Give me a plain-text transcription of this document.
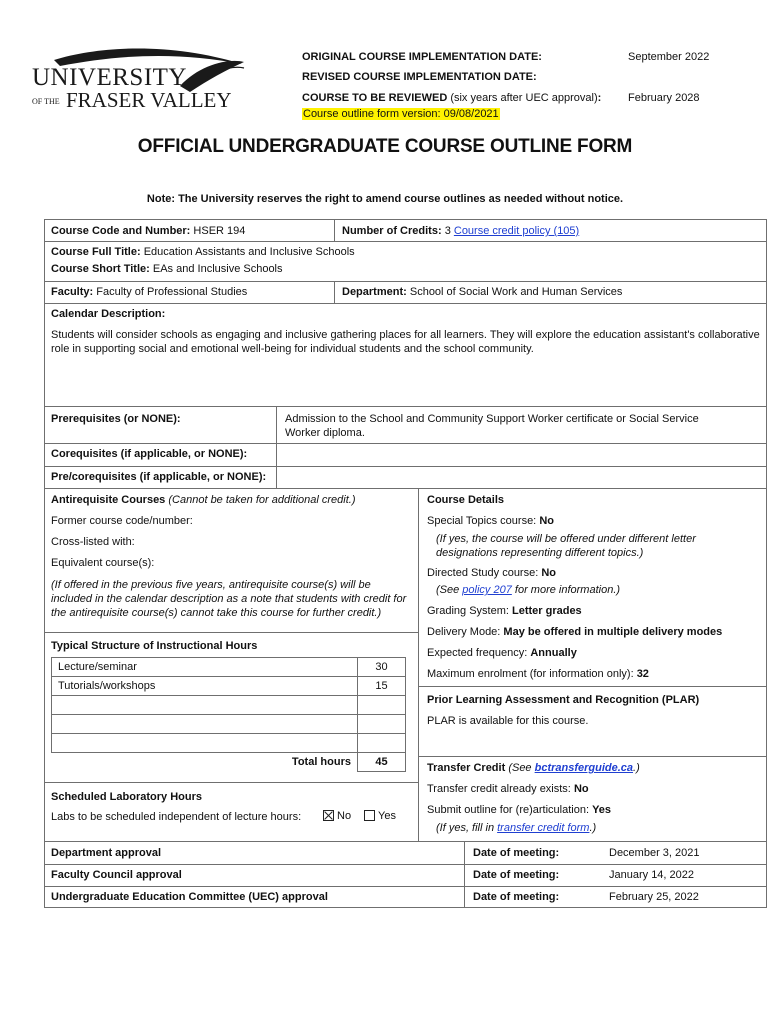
UNIVERSITY
OF THE FRASER VALLEY
ORIGINAL COURSE IMPLEMENTATION DATE:	September 2022
REVISED COURSE IMPLEMENTATION DATE:
COURSE TO BE REVIEWED (six years after UEC approval): February 2028
Course outline form version: 09/08/2021
OFFICIAL UNDERGRADUATE COURSE OUTLINE FORM
Note: The University reserves the right to amend course outlines as needed without notice.
Course Code and Number: HSER 194	Number of Credits: 3 Course credit policy (105)
Course Full Title: Education Assistants and Inclusive Schools
Course Short Title: EAs and Inclusive Schools
Faculty: Faculty of Professional Studies	Department: School of Social Work and Human Services
Calendar Description:
Students will consider schools as engaging and inclusive gathering places for all learners. They will explore the education assistant's collaborative role in supporting social and emotional well-being for individual students and the school community.
Prerequisites (or NONE):	Admission to the School and Community Support Worker certificate or Social Service Worker diploma.
Corequisites (if applicable, or NONE):
Pre/corequisites (if applicable, or NONE):
Antirequisite Courses (Cannot be taken for additional credit.)
Former course code/number:
Cross-listed with:
Equivalent course(s):
(If offered in the previous five years, antirequisite course(s) will be included in the calendar description as a note that students with credit for the antirequisite course(s) cannot take this course for further credit.)
Typical Structure of Instructional Hours
Lecture/seminar	30
Tutorials/workshops	15

Total hours	45
Scheduled Laboratory Hours
Labs to be scheduled independent of lecture hours:	No	Yes
Course Details
Special Topics course: No
(If yes, the course will be offered under different letter designations representing different topics.)
Directed Study course: No
(See policy 207 for more information.)
Grading System: Letter grades
Delivery Mode: May be offered in multiple delivery modes
Expected frequency: Annually
Maximum enrolment (for information only): 32
Prior Learning Assessment and Recognition (PLAR)
PLAR is available for this course.
Transfer Credit (See bctransferguide.ca.)
Transfer credit already exists: No
Submit outline for (re)articulation: Yes
(If yes, fill in transfer credit form.)
Department approval	Date of meeting:	December 3, 2021
Faculty Council approval	Date of meeting:	January 14, 2022
Undergraduate Education Committee (UEC) approval	Date of meeting:	February 25, 2022
